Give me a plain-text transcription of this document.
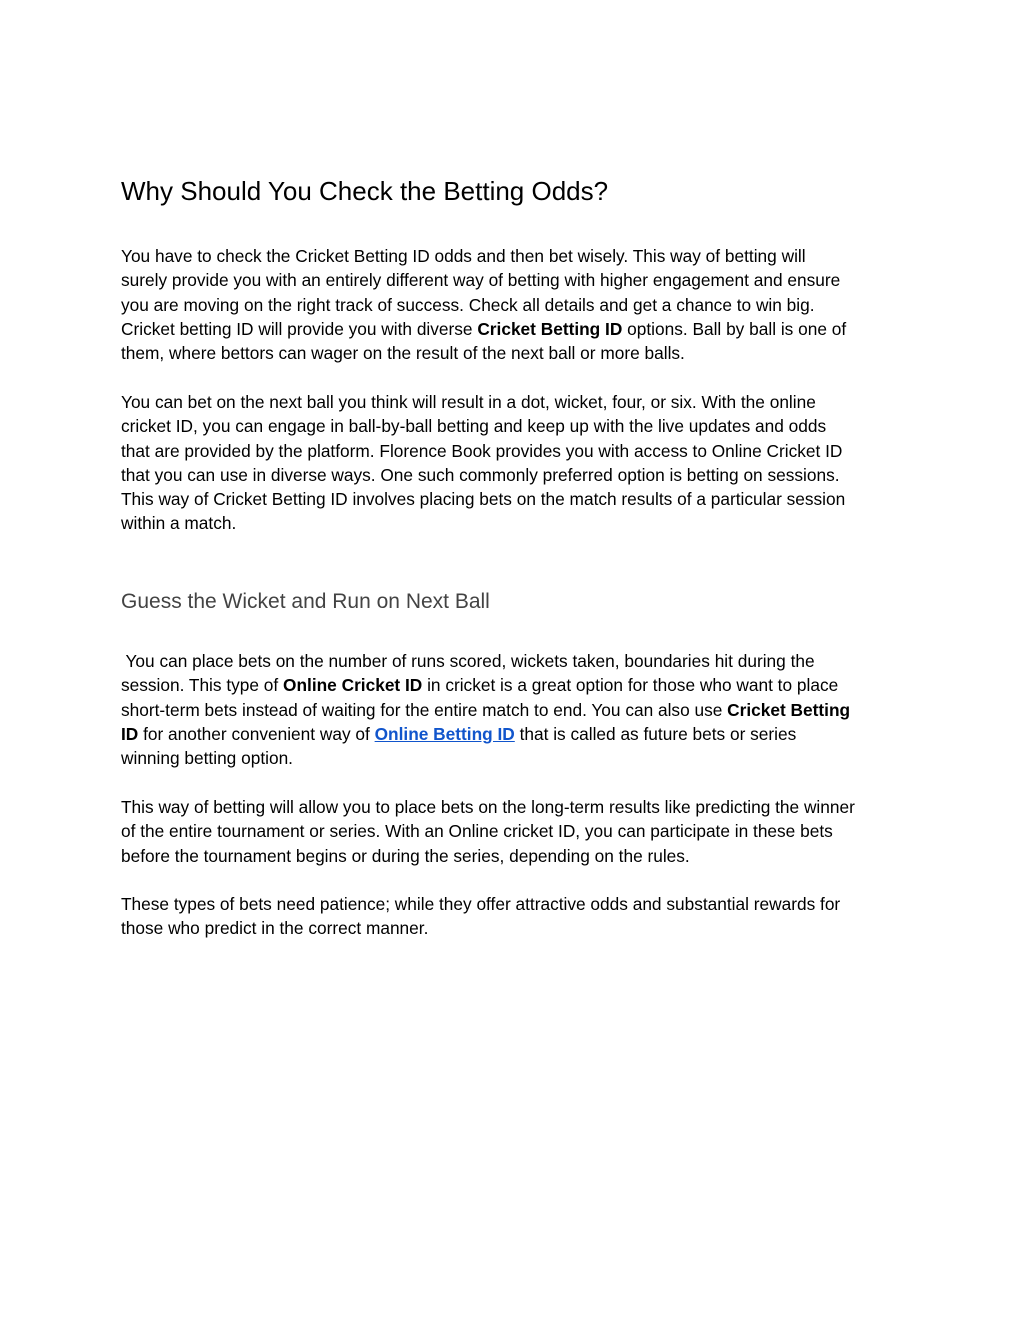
Why Should You Check the Betting Odds?
You have to check the Cricket Betting ID odds and then bet wisely. This way of betting will
surely provide you with an entirely different way of betting with higher engagement and ensure
you are moving on the right track of success. Check all details and get a chance to win big.
Cricket betting ID will provide you with diverse Cricket Betting ID options. Ball by ball is one of
them, where bettors can wager on the result of the next ball or more balls.
You can bet on the next ball you think will result in a dot, wicket, four, or six. With the online
cricket ID, you can engage in ball-by-ball betting and keep up with the live updates and odds
that are provided by the platform. Florence Book provides you with access to Online Cricket ID
that you can use in diverse ways. One such commonly preferred option is betting on sessions.
This way of Cricket Betting ID involves placing bets on the match results of a particular session
within a match.
Guess the Wicket and Run on Next Ball
You can place bets on the number of runs scored, wickets taken, boundaries hit during the
session. This type of Online Cricket ID in cricket is a great option for those who want to place
short-term bets instead of waiting for the entire match to end. You can also use Cricket Betting
ID for another convenient way of Online Betting ID that is called as future bets or series
winning betting option.
This way of betting will allow you to place bets on the long-term results like predicting the winner
of the entire tournament or series. With an Online cricket ID, you can participate in these bets
before the tournament begins or during the series, depending on the rules.
These types of bets need patience; while they offer attractive odds and substantial rewards for
those who predict in the correct manner.
